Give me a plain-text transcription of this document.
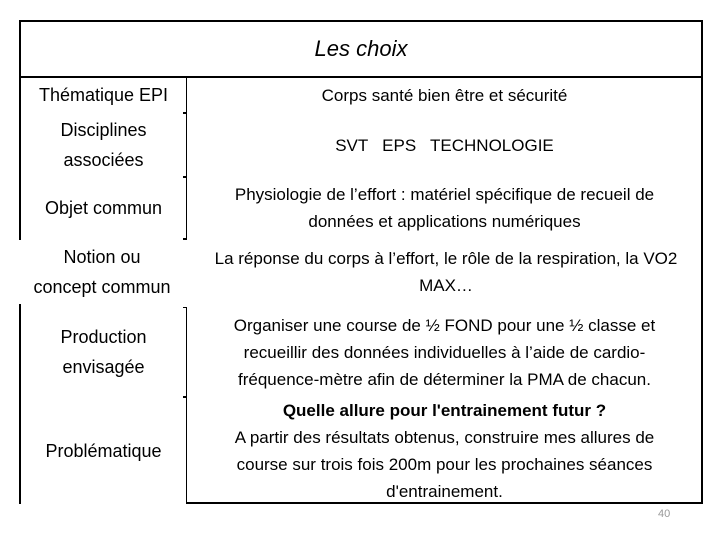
Les choix
Thématique EPI	Corps santé bien être et sécurité
Disciplines
associées
SVT   EPS   TECHNOLOGIE
Objet commun
Physiologie de l’effort : matériel spécifique de recueil de
données et applications numériques
Notion ou
concept commun
La réponse du corps à l’effort, le rôle de la respiration, la VO2
MAX…
Production
envisagée
Organiser une course de ½ FOND pour une ½ classe et
recueillir des données individuelles à l’aide de cardio-
fréquence-mètre afin de déterminer la PMA de chacun.
Problématique
Quelle allure pour l'entrainement futur ?
A partir des résultats obtenus, construire mes allures de
course sur trois fois 200m pour les prochaines séances
d'entrainement.
40
